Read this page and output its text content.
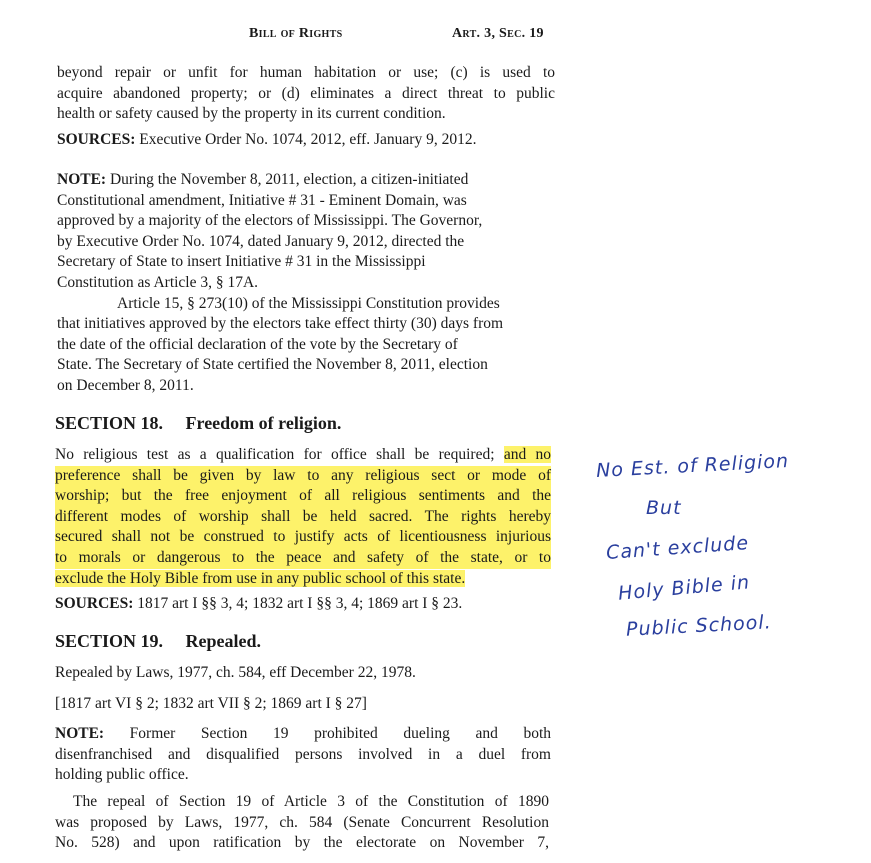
Bill of Rights	Art. 3, Sec. 19
beyond repair or unfit for human habitation or use; (c) is used to
acquire abandoned property; or (d) eliminates a direct threat to public
health or safety caused by the property in its current condition.
SOURCES: Executive Order No. 1074, 2012, eff. January 9, 2012.
NOTE: During the November 8, 2011, election, a citizen-initiated
Constitutional amendment, Initiative # 31 - Eminent Domain, was
approved by a majority of the electors of Mississippi. The Governor,
by Executive Order No. 1074, dated January 9, 2012, directed the
Secretary of State to insert Initiative # 31 in the Mississippi
Constitution as Article 3, § 17A.
Article 15, § 273(10) of the Mississippi Constitution provides
that initiatives approved by the electors take effect thirty (30) days from
the date of the official declaration of the vote by the Secretary of
State. The Secretary of State certified the November 8, 2011, election
on December 8, 2011.
SECTION 18. Freedom of religion.
No religious test as a qualification for office shall be required; and no
preference shall be given by law to any religious sect or mode of
worship; but the free enjoyment of all religious sentiments and the
different modes of worship shall be held sacred. The rights hereby
secured shall not be construed to justify acts of licentiousness injurious
to morals or dangerous to the peace and safety of the state, or to
exclude the Holy Bible from use in any public school of this state.
SOURCES: 1817 art I §§ 3, 4; 1832 art I §§ 3, 4; 1869 art I § 23.
SECTION 19. Repealed.
Repealed by Laws, 1977, ch. 584, eff December 22, 1978.
[1817 art VI § 2; 1832 art VII § 2; 1869 art I § 27]
NOTE: Former Section 19 prohibited dueling and both
disenfranchised and disqualified persons involved in a duel from
holding public office.
The repeal of Section 19 of Article 3 of the Constitution of 1890
was proposed by Laws, 1977, ch. 584 (Senate Concurrent Resolution
No. 528) and upon ratification by the electorate on November 7,
No Est. of Religion
But
Can't exclude
Holy Bible in
Public School.
